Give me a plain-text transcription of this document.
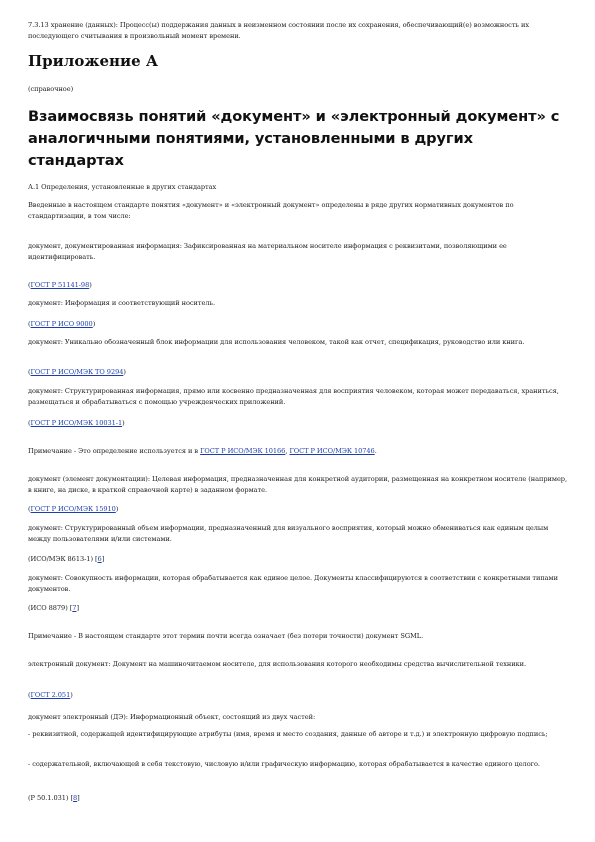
7.3.13 хранение (данных): Процесс(ы) поддержания данных в неизменном состоянии после их сохранения, обеспечивающий(е) возможность их последующего считывания в произвольный момент времени.

Приложение А

(справочное)

Взаимосвязь понятий «документ» и «электронный документ» с аналогичными понятиями, установленными в других стандартах

А.1 Определения, установленные в других стандартах

Введенные в настоящем стандарте понятия «документ» и «электронный документ» определены в ряде других нормативных документов по стандартизации, в том числе:

документ, документированная информация: Зафиксированная на материальном носителе информация с реквизитами, позволяющими ее идентифицировать.

(ГОСТ Р 51141-98)

документ: Информация и соответствующий носитель.

(ГОСТ Р ИСО 9000)

документ: Уникально обозначенный блок информации для использования человеком, такой как отчет, спецификация, руководство или книга.

(ГОСТ Р ИСО/МЭК ТО 9294)

документ: Структурированная информация, прямо или косвенно предназначенная для восприятия человеком, которая может передаваться, храниться, размещаться и обрабатываться с помощью учрежденческих приложений.

(ГОСТ Р ИСО/МЭК 10031-1)

Примечание - Это определение используется и в ГОСТ Р ИСО/МЭК 10166, ГОСТ Р ИСО/МЭК 10746.

документ (элемент документации): Целевая информация, предназначенная для конкретной аудитории, размещенная на конкретном носителе (например, в книге, на диске, в краткой справочной карте) в заданном формате.

(ГОСТ Р ИСО/МЭК 15910)

документ: Структурированный объем информации, предназначенный для визуального восприятия, который можно обмениваться как единым целым между пользователями и/или системами.

(ИСО/МЭК 8613-1) [6]

документ: Совокупность информации, которая обрабатывается как единое целое. Документы классифицируются в соответствии с конкретными типами документов.

(ИСО 8879) [7]

Примечание - В настоящем стандарте этот термин почти всегда означает (без потери точности) документ SGML.

электронный документ: Документ на машиночитаемом носителе, для использования которого необходимы средства вычислительной техники.

(ГОСТ 2.051)

документ электронный (ДЭ): Информационный объект, состоящий из двух частей:

- реквизитной, содержащей идентифицирующие атрибуты (имя, время и место создания, данные об авторе и т.д.) и электронную цифровую подпись;

- содержательной, включающей в себя текстовую, числовую и/или графическую информацию, которая обрабатывается в качестве единого целого.

(Р 50.1.031) [8]
